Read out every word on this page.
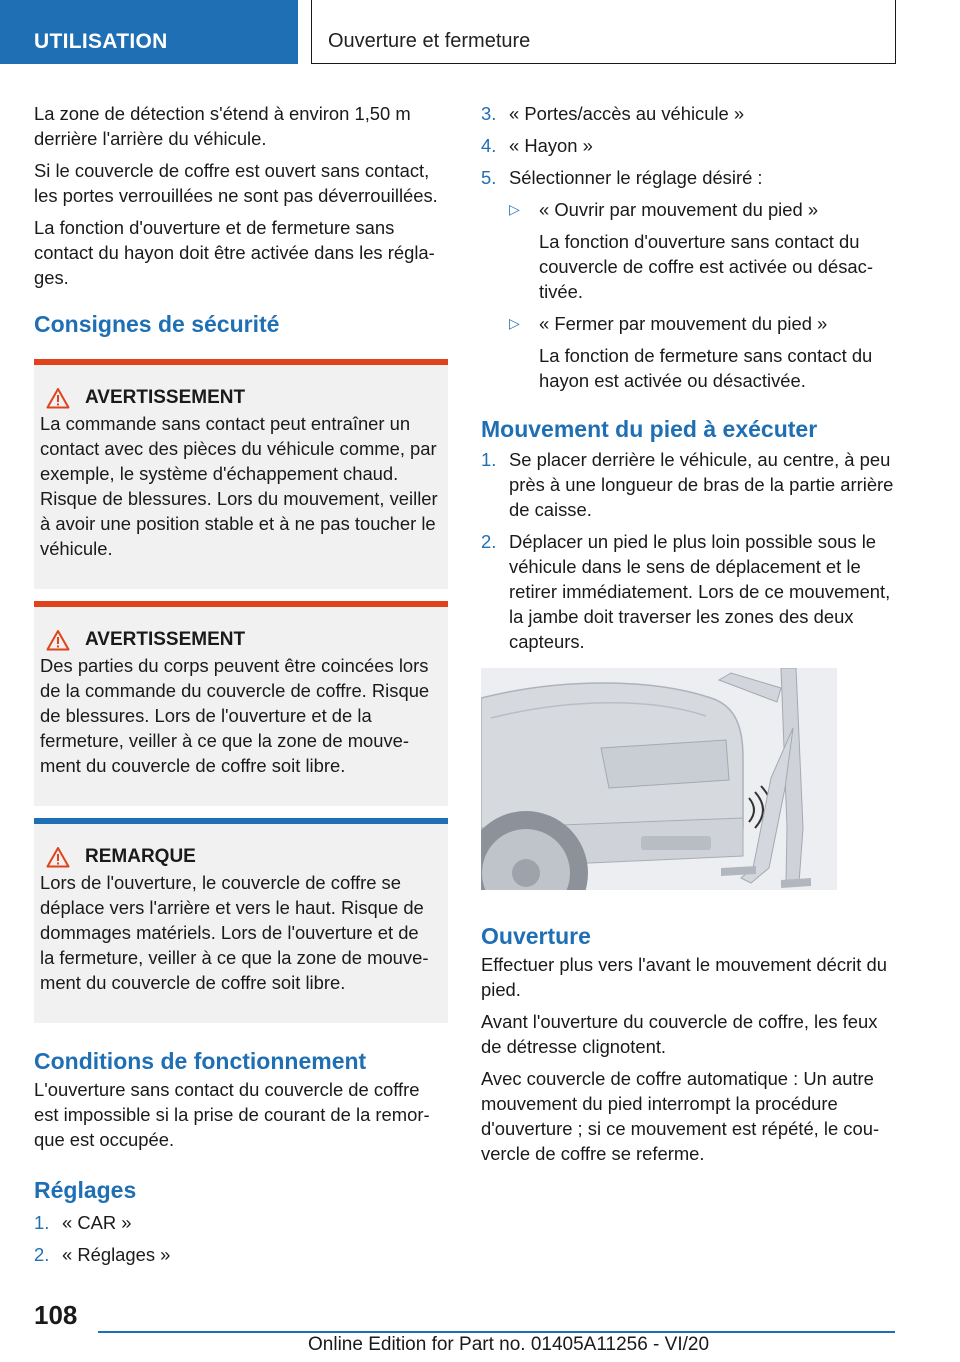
UTILISATION	Ouverture et fermeture

La zone de détection s'étend à environ 1,50 m derrière l'arrière du véhicule.

Si le couvercle de coffre est ouvert sans contact, les portes verrouillées ne sont pas déverrouillées.

La fonction d'ouverture et de fermeture sans contact du hayon doit être activée dans les réglages.

Consignes de sécurité
AVERTISSEMENT

La commande sans contact peut entraîner un contact avec des pièces du véhicule comme, par exemple, le système d'échappement chaud. Risque de blessures. Lors du mouvement, veiller à avoir une position stable et à ne pas toucher le véhicule.

AVERTISSEMENT

Des parties du corps peuvent être coincées lors de la commande du couvercle de coffre. Risque de blessures. Lors de l'ouverture et de la fermeture, veiller à ce que la zone de mouvement du couvercle de coffre soit libre.

REMARQUE

Lors de l'ouverture, le couvercle de coffre se déplace vers l'arrière et vers le haut. Risque de dommages matériels. Lors de l'ouverture et de la fermeture, veiller à ce que la zone de mouvement du couvercle de coffre soit libre.

Conditions de fonctionnement

L'ouverture sans contact du couvercle de coffre est impossible si la prise de courant de la remorque est occupée.

Réglages
1. « CAR »
2. « Réglages »
3. « Portes/accès au véhicule »
4. « Hayon »
5. Sélectionner le réglage désiré :
▷	« Ouvrir par mouvement du pied »
La fonction d'ouverture sans contact du couvercle de coffre est activée ou désactivée.
▷	« Fermer par mouvement du pied »
La fonction de fermeture sans contact du hayon est activée ou désactivée.
Mouvement du pied à exécuter
1. Se placer derrière le véhicule, au centre, à peu près à une longueur de bras de la partie arrière de caisse.
2. Déplacer un pied le plus loin possible sous le véhicule dans le sens de déplacement et le retirer immédiatement. Lors de ce mouvement, la jambe doit traverser les zones des deux capteurs.
Ouverture

Effectuer plus vers l'avant le mouvement décrit du pied.

Avant l'ouverture du couvercle de coffre, les feux de détresse clignotent.

Avec couvercle de coffre automatique : Un autre mouvement du pied interrompt la procédure d'ouverture ; si ce mouvement est répété, le couvercle de coffre se referme.

108
Online Edition for Part no. 01405A11256 - VI/20
